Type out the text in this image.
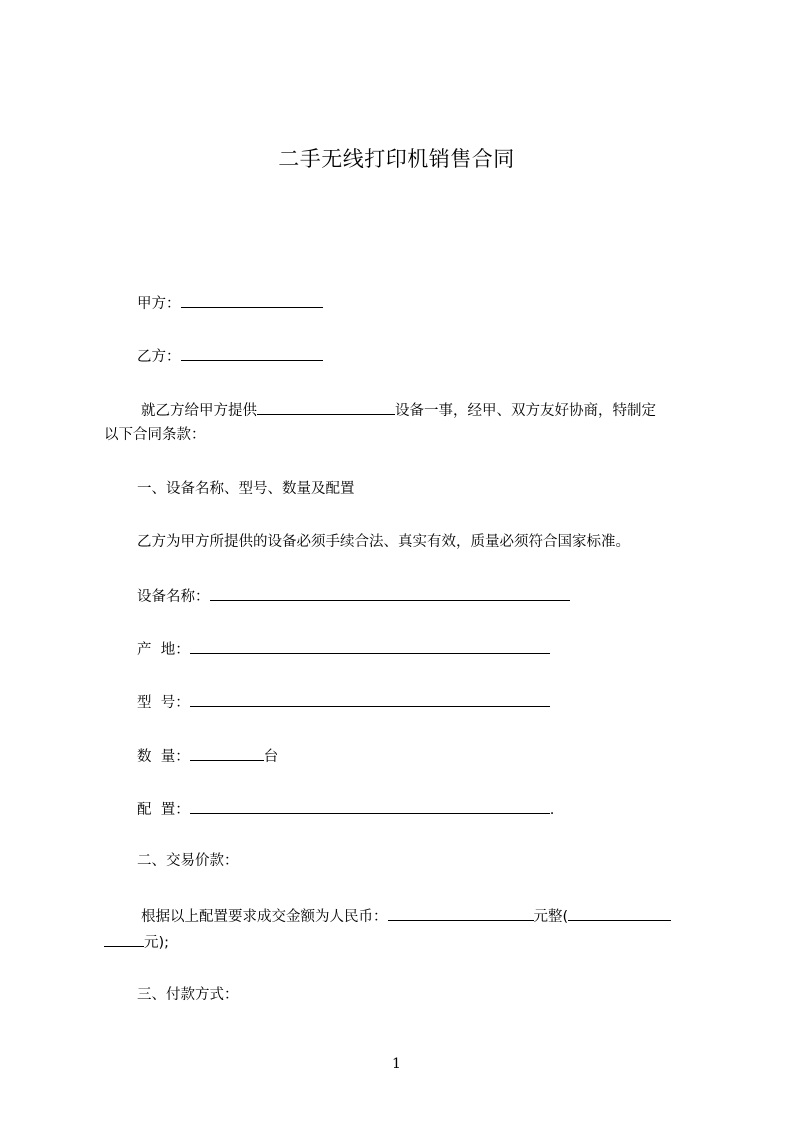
二手无线打印机销售合同
甲方：
乙方：
就乙方给甲方提供	设备一事，经甲、双方友好协商，特制定
以下合同条款：
一、设备名称、型号、数量及配置
乙方为甲方所提供的设备必须手续合法、真实有效，质量必须符合国家标准。
设备名称：
产  地：
型  号：
数  量：	台
配  置：	.
二、交易价款：
根据以上配置要求成交金额为人民币：	元整(
元);
三、付款方式：
1
